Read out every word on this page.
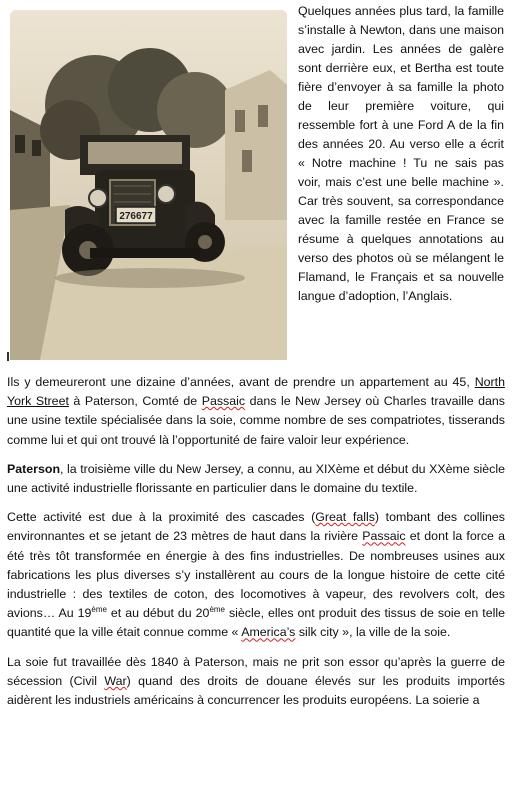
276677

Quelques années plus tard, la famille s’installe à Newton, dans une maison avec jardin. Les années de galère sont derrière eux, et Bertha est toute fière d’envoyer à sa famille la photo de leur première voiture, qui ressemble fort à une Ford A de la fin des années 20. Au verso elle a écrit « Notre machine ! Tu ne sais pas voir, mais c’est une belle machine ». Car très souvent, sa correspondance avec la famille restée en France se résume à quelques annotations au verso des photos où se mélangent le Flamand, le Français et sa nouvelle langue d’adoption, l’Anglais.

Ils y demeureront une dizaine d’années, avant de prendre un appartement au 45, North York Street à Paterson, Comté de Passaic dans le New Jersey où Charles travaille dans une usine textile spécialisée dans la soie, comme nombre de ses compatriotes, tisserands comme lui et qui ont trouvé là l’opportunité de faire valoir leur expérience.

Paterson, la troisième ville du New Jersey, a connu, au XIXème et début du XXème siècle une activité industrielle florissante en particulier dans le domaine du textile.

Cette activité est due à la proximité des cascades (Great falls) tombant des collines environnantes et se jetant de 23 mètres de haut dans la rivière Passaic et dont la force a été très tôt transformée en énergie à des fins industrielles. De nombreuses usines aux fabrications les plus diverses s’y installèrent au cours de la longue histoire de cette cité industrielle : des textiles de coton, des locomotives à vapeur, des revolvers colt, des avions… Au 19ème et au début du 20ème siècle, elles ont produit des tissus de soie en telle quantité que la ville était connue comme « America’s silk city », la ville de la soie.

La soie fut travaillée dès 1840 à Paterson, mais ne prit son essor qu’après la guerre de sécession (Civil War) quand des droits de douane élevés sur les produits importés aidèrent les industriels américains à concurrencer les produits européens. La soierie a
